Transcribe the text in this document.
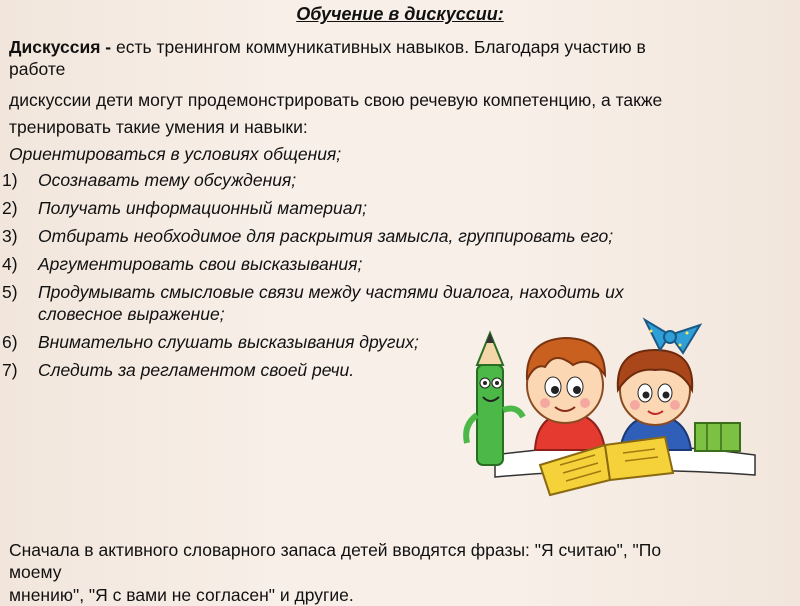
Обучение в дискуссии:
Дискуссия - есть тренингом коммуникативных навыков. Благодаря участию в
работе
дискуссии дети могут продемонстрировать свою речевую компетенцию, а также
тренировать такие умения и навыки:
Ориентироваться в условиях общения;
1) Осознавать тему обсуждения;
2) Получать информационный материал;
3) Отбирать необходимое для раскрытия замысла, группировать его;
4) Аргументировать свои высказывания;
5) Продумывать смысловые связи между частями диалога, находить их
словесное выражение;
6) Внимательно слушать высказывания других;
7) Следить за регламентом своей речи.
Сначала в активного словарного запаса детей вводятся фразы: "Я считаю", "По
моему
мнению", "Я с вами не согласен" и другие.
